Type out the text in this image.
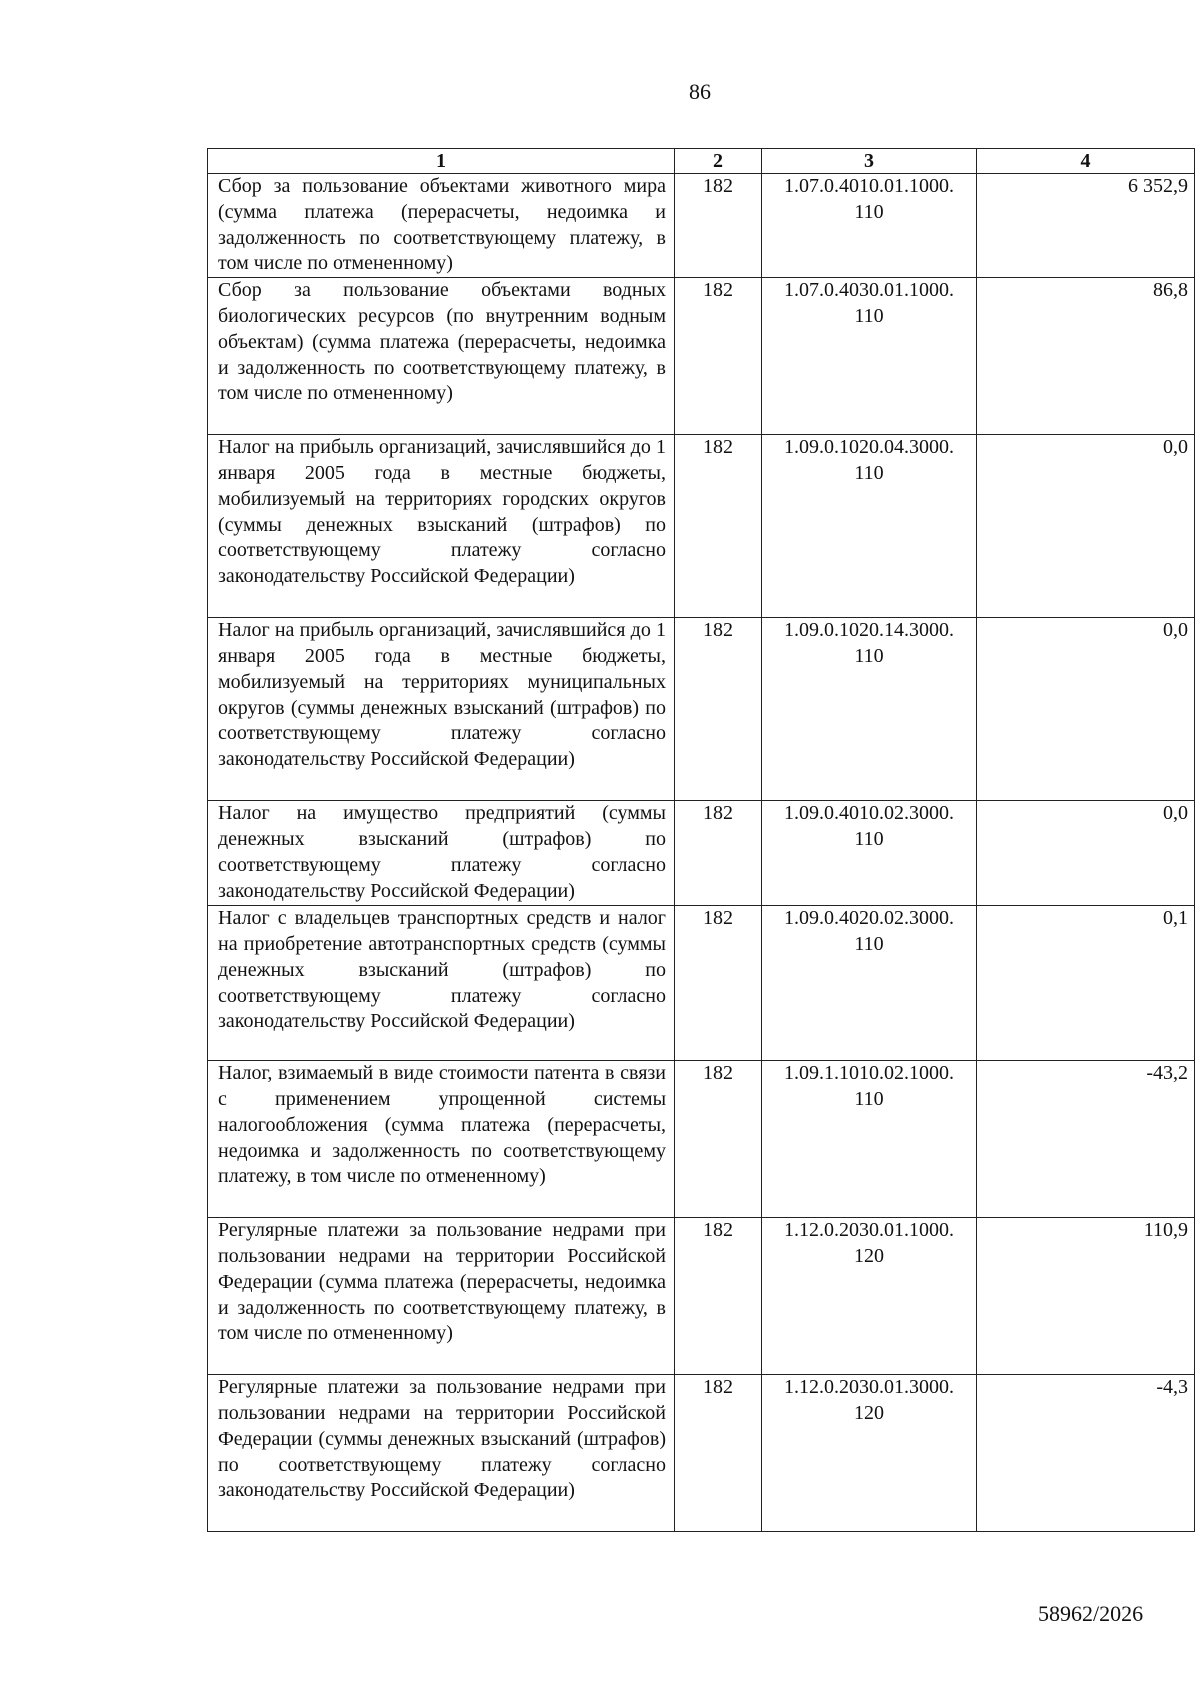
86
1	2	3	4
Сбор за пользование объектами животного мира (сумма платежа (перерасчеты, недоимка и задолженность по соответствующему платежу, в том числе по отмененному)	182	1.07.0.4010.01.1000.
110	6 352,9
Сбор за пользование объектами водных биологических ресурсов (по внутренним водным объектам) (сумма платежа (перерасчеты, недоимка и задолженность по соответствующему платежу, в том числе по отмененному)	182	1.07.0.4030.01.1000.
110	86,8
Налог на прибыль организаций, зачислявшийся до 1 января 2005 года в местные бюджеты, мобилизуемый на территориях городских округов (суммы денежных взысканий (штрафов) по соответствующему платежу согласно законодательству Российской Федерации)	182	1.09.0.1020.04.3000.
110	0,0
Налог на прибыль организаций, зачислявшийся до 1 января 2005 года в местные бюджеты, мобилизуемый на территориях муниципальных округов (суммы денежных взысканий (штрафов) по соответствующему платежу согласно законодательству Российской Федерации)	182	1.09.0.1020.14.3000.
110	0,0
Налог на имущество предприятий (суммы денежных взысканий (штрафов) по соответствующему платежу согласно законодательству Российской Федерации)	182	1.09.0.4010.02.3000.
110	0,0
Налог с владельцев транспортных средств и налог на приобретение автотранспортных средств (суммы денежных взысканий (штрафов) по соответствующему платежу согласно законодательству Российской Федерации)	182	1.09.0.4020.02.3000.
110	0,1
Налог, взимаемый в виде стоимости патента в связи с применением упрощенной системы налогообложения (сумма платежа (перерасчеты, недоимка и задолженность по соответствующему платежу, в том числе по отмененному)	182	1.09.1.1010.02.1000.
110	-43,2
Регулярные платежи за пользование недрами при пользовании недрами на территории Российской Федерации (сумма платежа (перерасчеты, недоимка и задолженность по соответствующему платежу, в том числе по отмененному)	182	1.12.0.2030.01.1000.
120	110,9
Регулярные платежи за пользование недрами при пользовании недрами на территории Российской Федерации (суммы денежных взысканий (штрафов) по соответствующему платежу согласно законодательству Российской Федерации)	182	1.12.0.2030.01.3000.
120	-4,3
58962/2026
